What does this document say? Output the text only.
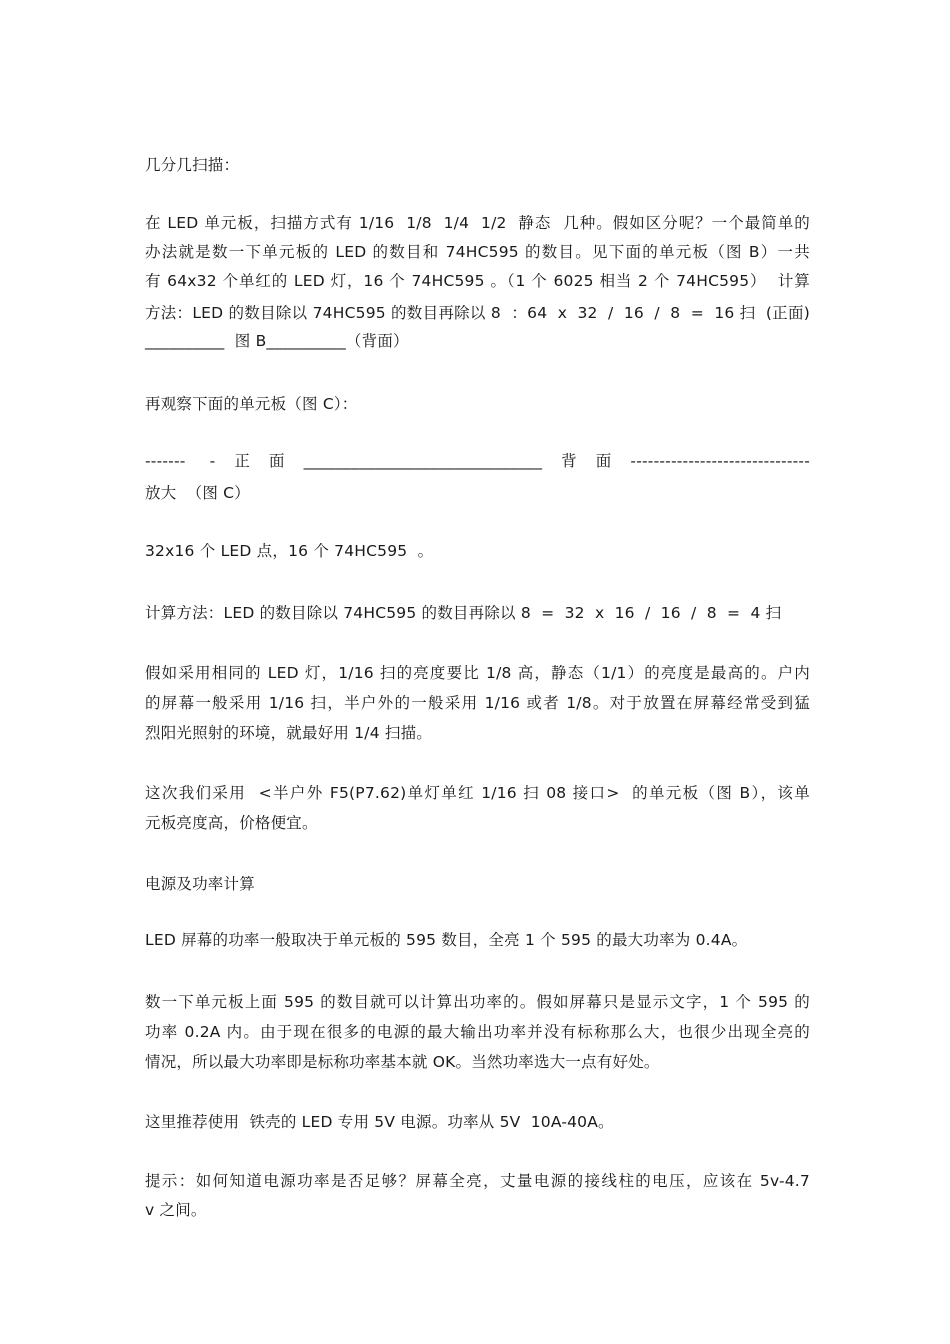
几分几扫描：
在 LED 单元板，扫描方式有 1/16  1/8  1/4  1/2  静态  几种。假如区分呢？一个最简单的
办法就是数一下单元板的 LED 的数目和 74HC595 的数目。见下面的单元板（图 B）一共
有 64x32 个单红的 LED 灯，16 个 74HC595 。（1 个 6025 相当 2 个 74HC595）  计算
方法：LED 的数目除以 74HC595 的数目再除以 8  ：64  x  32  /  16  /  8  =  16 扫  (正面)
__________  图 B__________（背面）
再观察下面的单元板（图 C）：
------- -正面______________________________背面-------------------------------
放大  （图 C）
32x16 个 LED 点，16 个 74HC595  。
计算方法：LED 的数目除以 74HC595 的数目再除以 8  =  32  x  16  /  16  /  8  =  4 扫
假如采用相同的 LED 灯，1/16 扫的亮度要比 1/8 高，静态（1/1）的亮度是最高的。户内
的屏幕一般采用 1/16 扫，半户外的一般采用 1/16 或者 1/8。对于放置在屏幕经常受到猛
烈阳光照射的环境，就最好用 1/4 扫描。
这次我们采用  <半户外 F5(P7.62)单灯单红 1/16 扫 08 接口>  的单元板（图 B），该单
元板亮度高，价格便宜。
电源及功率计算
LED 屏幕的功率一般取决于单元板的 595 数目，全亮 1 个 595 的最大功率为 0.4A。
数一下单元板上面 595 的数目就可以计算出功率的。假如屏幕只是显示文字，1 个 595 的
功率 0.2A 内。由于现在很多的电源的最大输出功率并没有标称那么大，也很少出现全亮的
情况，所以最大功率即是标称功率基本就 OK。当然功率选大一点有好处。
这里推荐使用  铁壳的 LED 专用 5V 电源。功率从 5V  10A-40A。
提示：如何知道电源功率是否足够？屏幕全亮，丈量电源的接线柱的电压，应该在 5v-4.7
v 之间。
